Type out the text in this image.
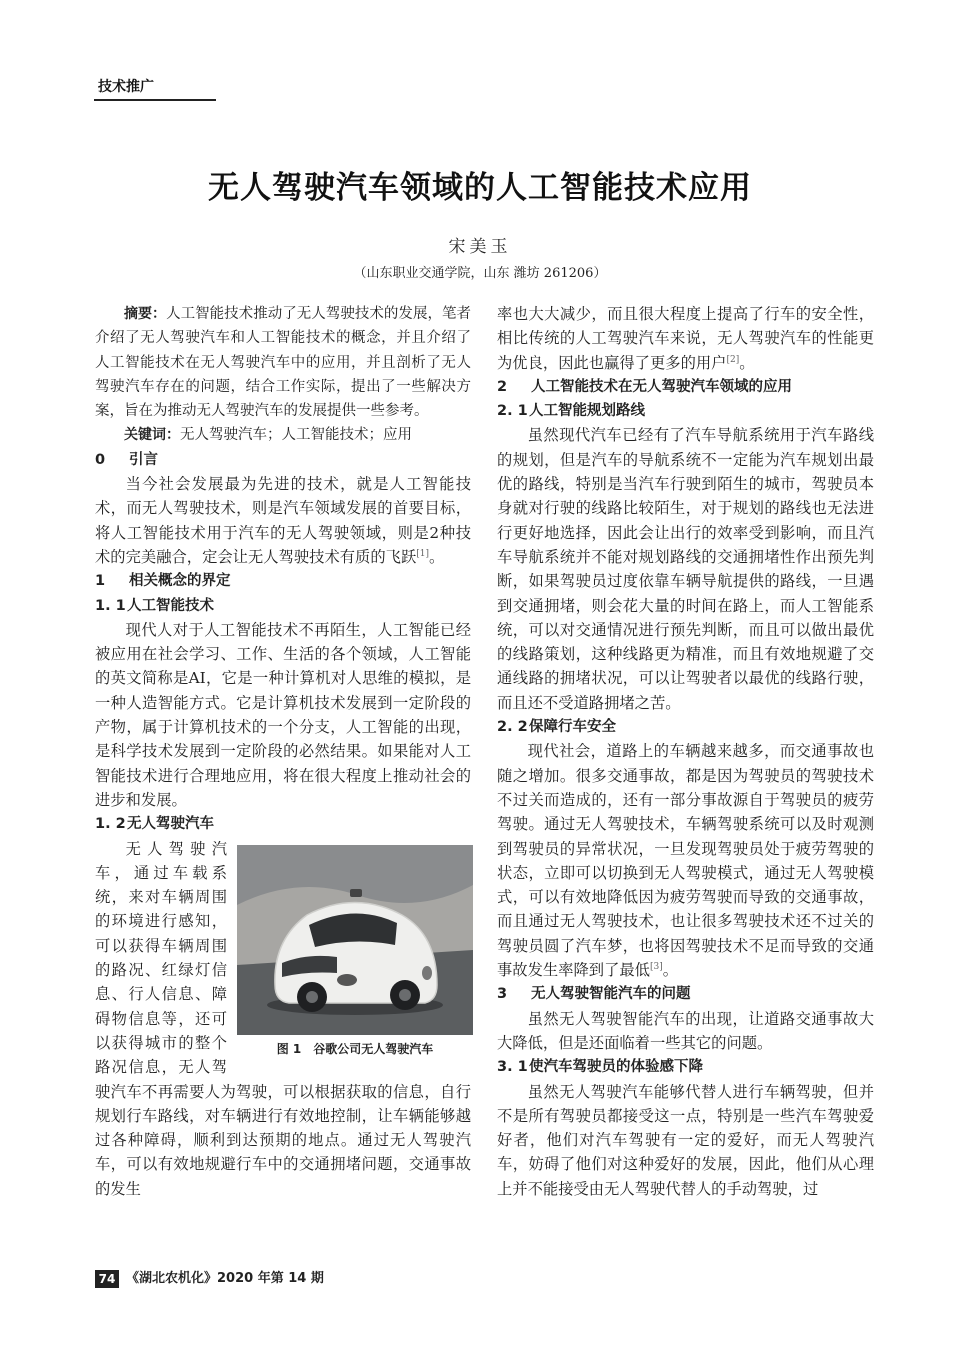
技术推广
无人驾驶汽车领域的人工智能技术应用
宋美玉
（山东职业交通学院，山东 潍坊 261206）

摘要：人工智能技术推动了无人驾驶技术的发展，笔者介绍了无人驾驶汽车和人工智能技术的概念，并且介绍了人工智能技术在无人驾驶汽车中的应用，并且剖析了无人驾驶汽车存在的问题，结合工作实际，提出了一些解决方案，旨在为推动无人驾驶汽车的发展提供一些参考。

关键词：无人驾驶汽车；人工智能技术；应用

0 引言

当今社会发展最为先进的技术，就是人工智能技术，而无人驾驶技术，则是汽车领域发展的首要目标，将人工智能技术用于汽车的无人驾驶领域，则是2种技术的完美融合，定会让无人驾驶技术有质的飞跃[1]。

1 相关概念的界定

1. 1人工智能技术

现代人对于人工智能技术不再陌生，人工智能已经被应用在社会学习、工作、生活的各个领域，人工智能的英文简称是AI，它是一种计算机对人思维的模拟，是一种人造智能方式。它是计算机技术发展到一定阶段的产物，属于计算机技术的一个分支，人工智能的出现，是科学技术发展到一定阶段的必然结果。如果能对人工智能技术进行合理地应用，将在很大程度上推动社会的进步和发展。

1. 2无人驾驶汽车

图 1　谷歌公司无人驾驶汽车

无人驾驶汽车，通过车载系统，来对车辆周围的环境进行感知，可以获得车辆周围的路况、红绿灯信息、行人信息、障碍物信息等，还可以获得城市的整个路况信息，无人驾驶汽车不再需要人为驾驶，可以根据获取的信息，自行规划行车路线，对车辆进行有效地控制，让车辆能够越过各种障碍，顺利到达预期的地点。通过无人驾驶汽车，可以有效地规避行车中的交通拥堵问题，交通事故的发生

率也大大减少，而且很大程度上提高了行车的安全性，相比传统的人工驾驶汽车来说，无人驾驶汽车的性能更为优良，因此也赢得了更多的用户[2]。

2 人工智能技术在无人驾驶汽车领域的应用

2. 1人工智能规划路线

虽然现代汽车已经有了汽车导航系统用于汽车路线的规划，但是汽车的导航系统不一定能为汽车规划出最优的路线，特别是当汽车行驶到陌生的城市，驾驶员本身就对行驶的线路比较陌生，对于规划的路线也无法进行更好地选择，因此会让出行的效率受到影响，而且汽车导航系统并不能对规划路线的交通拥堵性作出预先判断，如果驾驶员过度依靠车辆导航提供的路线，一旦遇到交通拥堵，则会花大量的时间在路上，而人工智能系统，可以对交通情况进行预先判断，而且可以做出最优的线路策划，这种线路更为精准，而且有效地规避了交通线路的拥堵状况，可以让驾驶者以最优的线路行驶，而且还不受道路拥堵之苦。

2. 2保障行车安全

现代社会，道路上的车辆越来越多，而交通事故也随之增加。很多交通事故，都是因为驾驶员的驾驶技术不过关而造成的，还有一部分事故源自于驾驶员的疲劳驾驶。通过无人驾驶技术，车辆驾驶系统可以及时观测到驾驶员的异常状况，一旦发现驾驶员处于疲劳驾驶的状态，立即可以切换到无人驾驶模式，通过无人驾驶模式，可以有效地降低因为疲劳驾驶而导致的交通事故，而且通过无人驾驶技术，也让很多驾驶技术还不过关的驾驶员圆了汽车梦，也将因驾驶技术不足而导致的交通事故发生率降到了最低[3]。

3 无人驾驶智能汽车的问题

虽然无人驾驶智能汽车的出现，让道路交通事故大大降低，但是还面临着一些其它的问题。

3. 1使汽车驾驶员的体验感下降

虽然无人驾驶汽车能够代替人进行车辆驾驶，但并不是所有驾驶员都接受这一点，特别是一些汽车驾驶爱好者，他们对汽车驾驶有一定的爱好，而无人驾驶汽车，妨碍了他们对这种爱好的发展，因此，他们从心理上并不能接受由无人驾驶代替人的手动驾驶，过

74 《湖北农机化》2020 年第 14 期
